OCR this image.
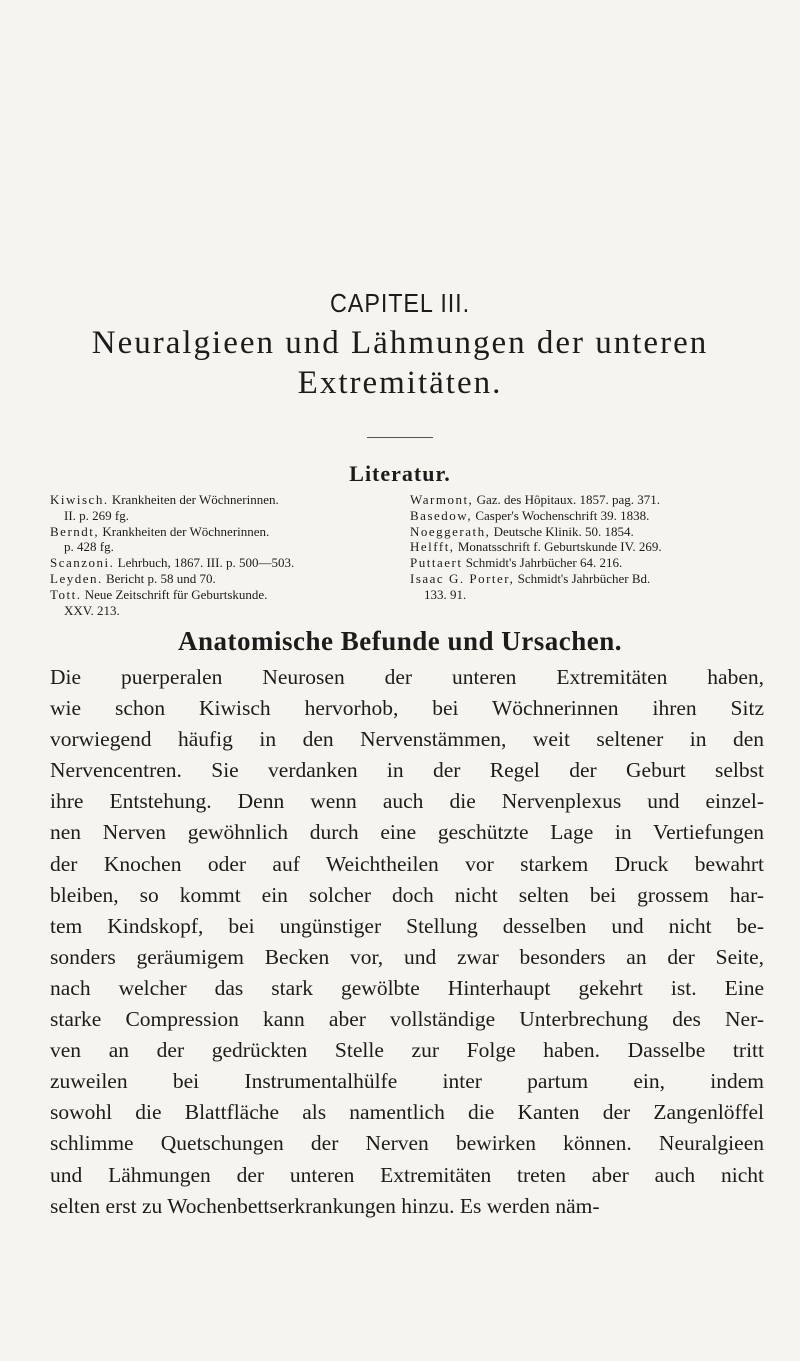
CAPITEL III.
Neuralgieen und Lähmungen der unteren
Extremitäten.
Literatur.

Kiwisch. Krankheiten der Wöchnerinnen.
II. p. 269 fg.

Berndt, Krankheiten der Wöchnerinnen.
p. 428 fg.

Scanzoni. Lehrbuch, 1867. III. p. 500—503.

Leyden. Bericht p. 58 und 70.

Tott. Neue Zeitschrift für Geburtskunde.
XXV. 213.

Warmont, Gaz. des Hôpitaux. 1857. pag. 371.

Basedow, Casper's Wochenschrift 39. 1838.

Noeggerath, Deutsche Klinik. 50. 1854.

Helfft, Monatsschrift f. Geburtskunde IV. 269.

Puttaert Schmidt's Jahrbücher 64. 216.

Isaac G. Porter, Schmidt's Jahrbücher Bd.
133. 91.

Anatomische Befunde und Ursachen.
Die puerperalen Neurosen der unteren Extremitäten haben,
wie schon Kiwisch hervorhob, bei Wöchnerinnen ihren Sitz
vorwiegend häufig in den Nervenstämmen, weit seltener in den
Nervencentren. Sie verdanken in der Regel der Geburt selbst
ihre Entstehung. Denn wenn auch die Nervenplexus und einzel-
nen Nerven gewöhnlich durch eine geschützte Lage in Vertiefungen
der Knochen oder auf Weichtheilen vor starkem Druck bewahrt
bleiben, so kommt ein solcher doch nicht selten bei grossem har-
tem Kindskopf, bei ungünstiger Stellung desselben und nicht be-
sonders geräumigem Becken vor, und zwar besonders an der Seite,
nach welcher das stark gewölbte Hinterhaupt gekehrt ist. Eine
starke Compression kann aber vollständige Unterbrechung des Ner-
ven an der gedrückten Stelle zur Folge haben. Dasselbe tritt
zuweilen bei Instrumentalhülfe inter partum ein, indem
sowohl die Blattfläche als namentlich die Kanten der Zangenlöffel
schlimme Quetschungen der Nerven bewirken können. Neuralgieen
und Lähmungen der unteren Extremitäten treten aber auch nicht
selten erst zu Wochenbettserkrankungen hinzu. Es werden näm-
